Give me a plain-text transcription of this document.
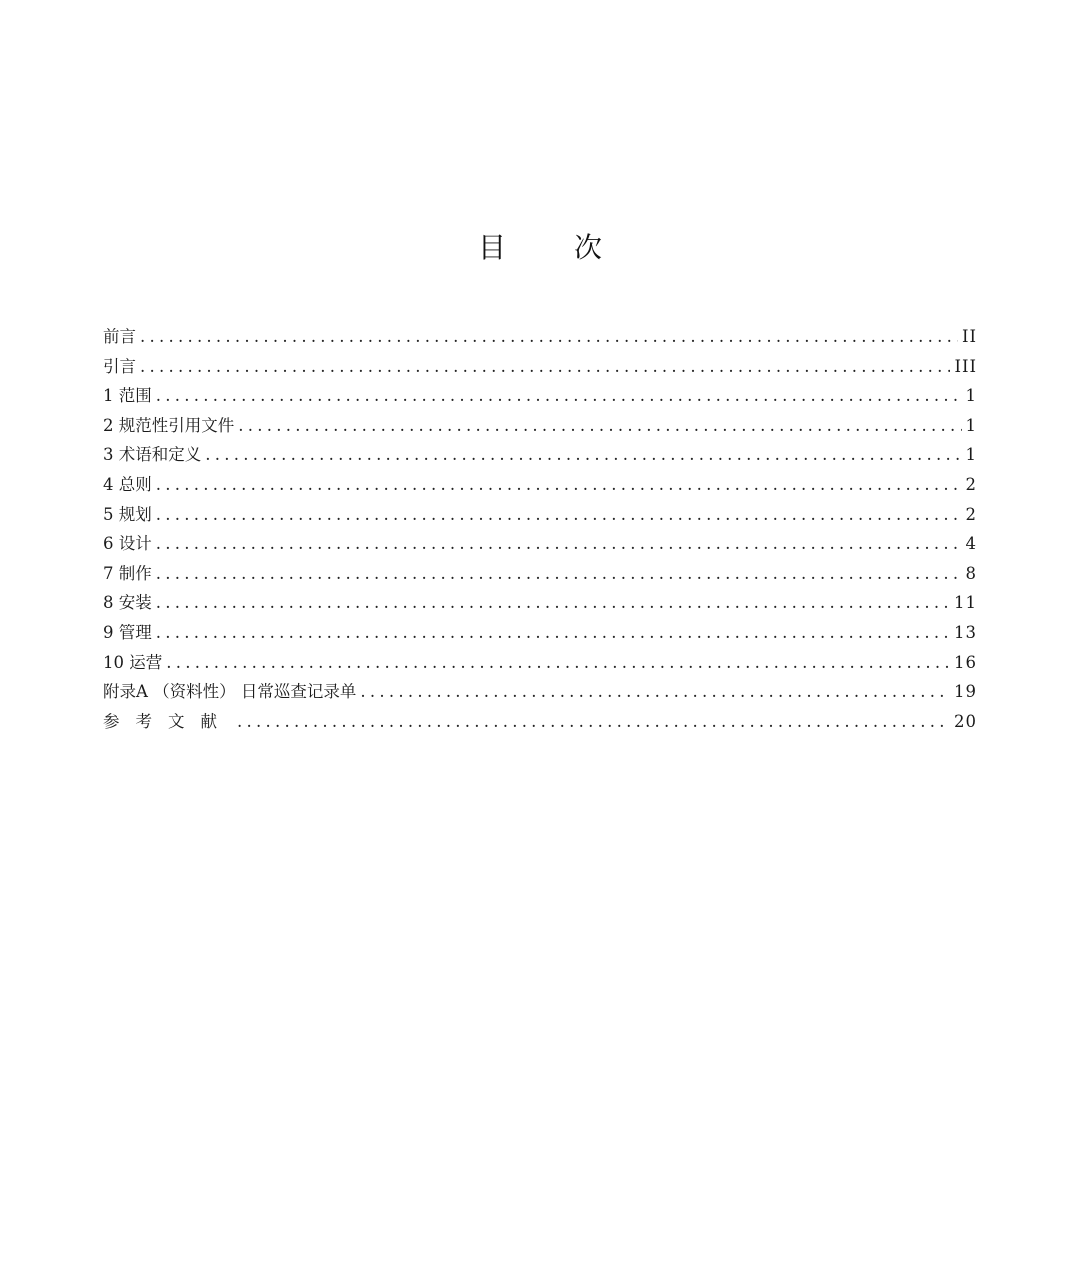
目 次
前言 . . .	II
引言 . . .	III
1 范围 . . .	1
2 规范性引用文件 . . .	1
3 术语和定义 . . .	1
4 总则 . . .	2
5 规划 . . .	2
6 设计 . . .	4
7 制作 . . .	8
8 安装 . . .	11
9 管理 . . .	13
10 运营 . . .	16
附录A （资料性） 日常巡查记录单 . . .	19
参考文献 . . .	20
